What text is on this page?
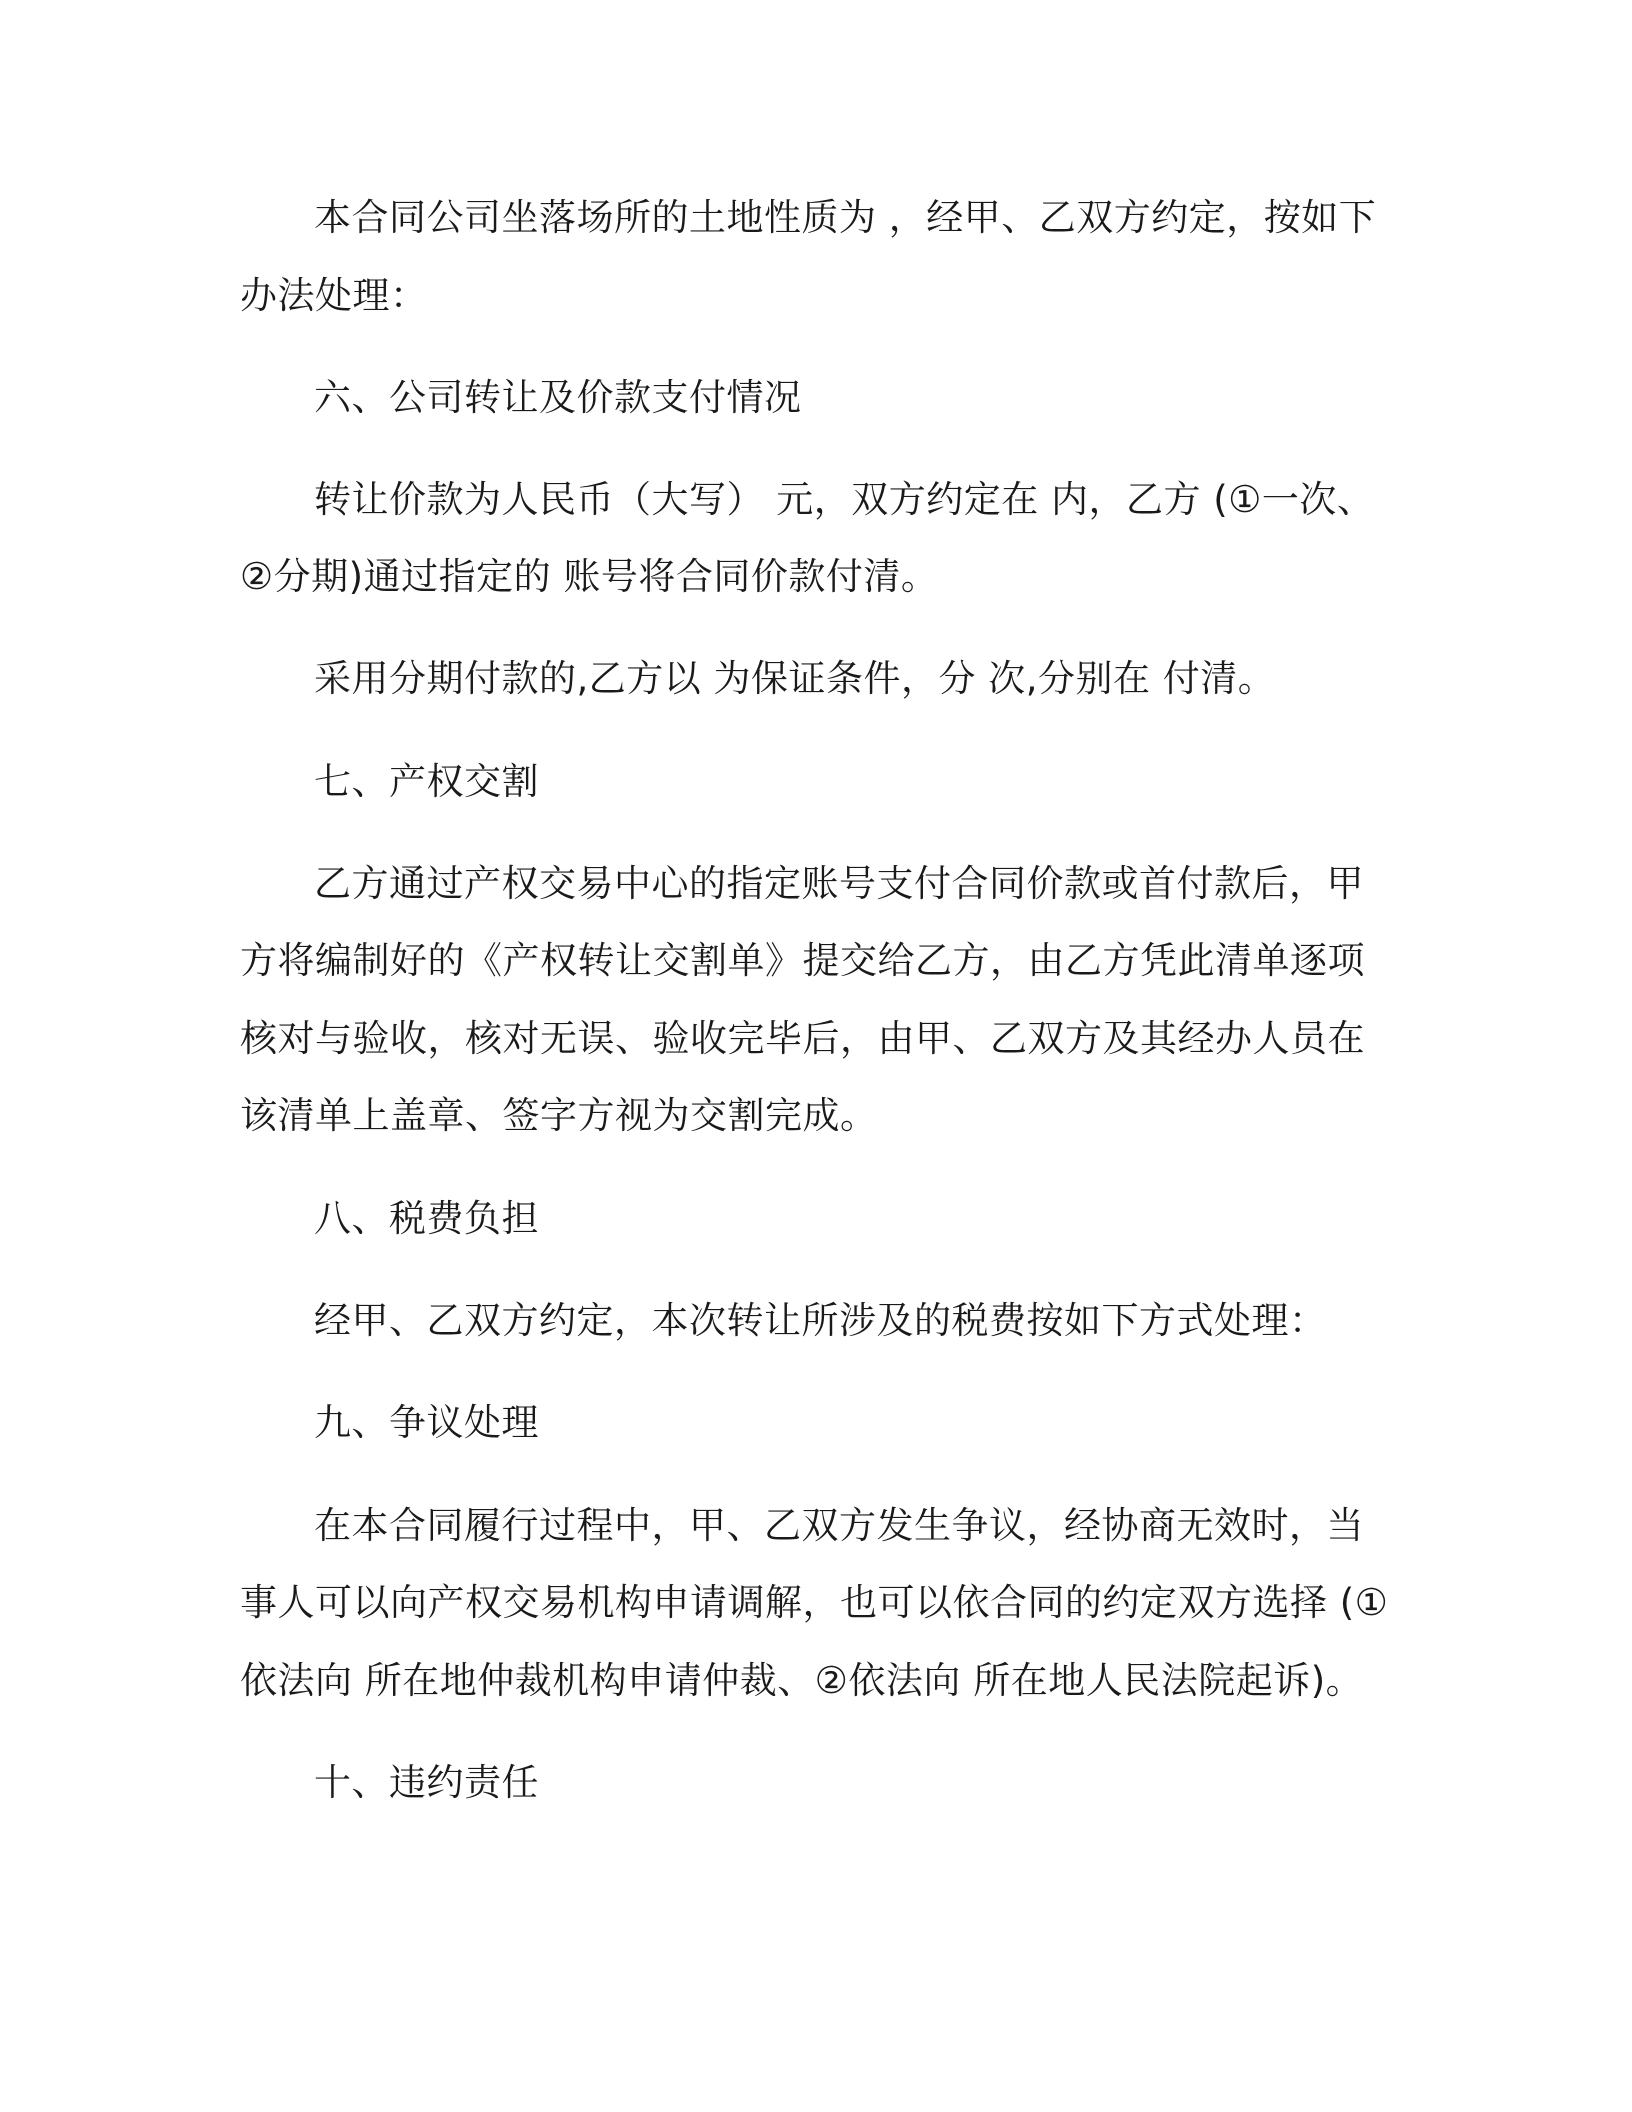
本合同公司坐落场所的土地性质为 ，经甲、乙双方约定，按如下
办法处理：
六、公司转让及价款支付情况
转让价款为人民币（大写） 元，双方约定在 内，乙方 (①一次、
②分期)通过指定的 账号将合同价款付清。
采用分期付款的,乙方以 为保证条件，分 次,分别在 付清。
七、产权交割
乙方通过产权交易中心的指定账号支付合同价款或首付款后，甲
方将编制好的《产权转让交割单》提交给乙方，由乙方凭此清单逐项
核对与验收，核对无误、验收完毕后，由甲、乙双方及其经办人员在
该清单上盖章、签字方视为交割完成。
八、税费负担
经甲、乙双方约定，本次转让所涉及的税费按如下方式处理：
九、争议处理
在本合同履行过程中，甲、乙双方发生争议，经协商无效时，当
事人可以向产权交易机构申请调解，也可以依合同的约定双方选择 (①
依法向 所在地仲裁机构申请仲裁、②依法向 所在地人民法院起诉)。
十、违约责任
